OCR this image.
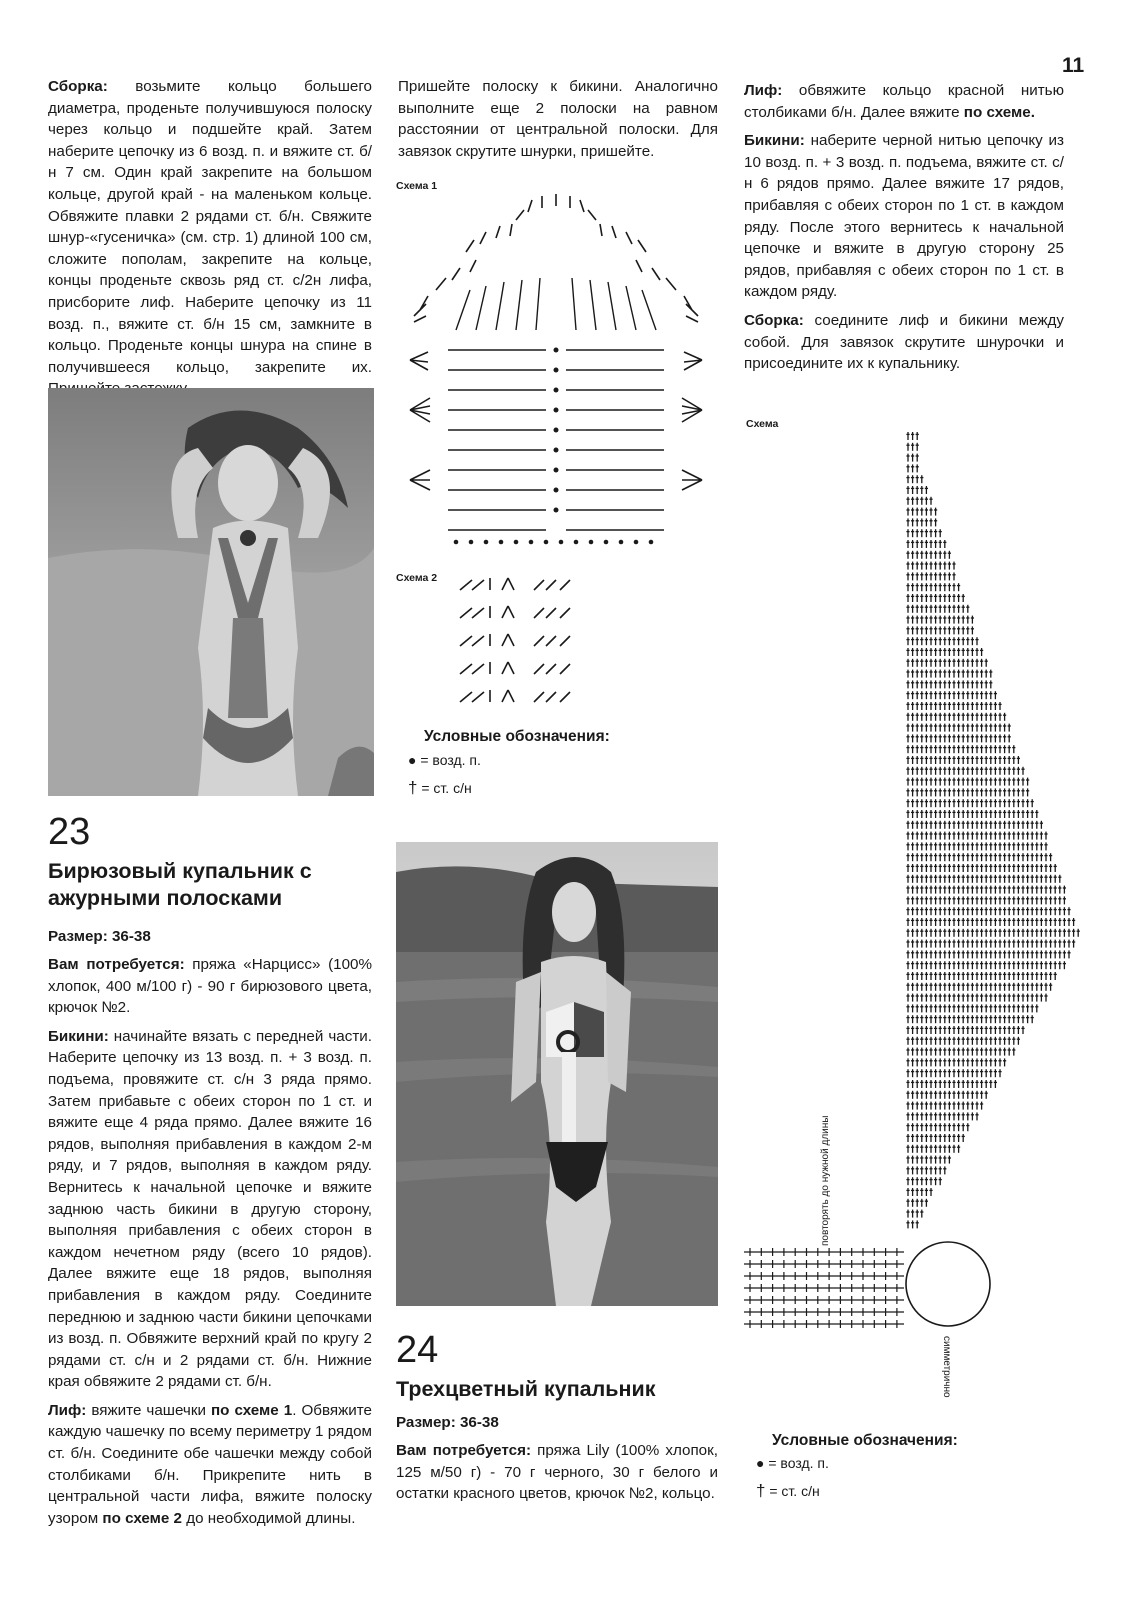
11

Сборка: возьмите кольцо большего диаметра, проденьте получившуюся полоску через кольцо и подшейте край. Затем наберите цепочку из 6 возд. п. и вяжите ст. б/н 7 см. Один край закрепите на большом кольце, другой край - на маленьком кольце. Обвяжите плавки 2 рядами ст. б/н. Свяжите шнур-«гусеничка» (см. стр. 1) длиной 100 см, сложите пополам, закрепите на кольце, концы проденьте сквозь ряд ст. с/2н лифа, присборите лиф. Наберите цепочку из 11 возд. п., вяжите ст. б/н 15 см, замкните в кольцо. Проденьте концы шнура на спине в получившееся кольцо, закрепите их.

23
Бирюзовый купальник с ажурными полосками
Размер: 36-38

Вам потребуется: пряжа «Нарцисс» (100% хлопок, 400 м/100 г) - 90 г бирюзового цвета, крючок №2.

Бикини: начинайте вязать с передней части. Наберите цепочку из 13 возд. п. + 3 возд. п. подъема, провяжите ст. с/н 3 ряда прямо. Затем прибавьте с обеих сторон по 1 ст. и вяжите еще 4 ряда прямо. Далее вяжите 16 рядов, выполняя прибавления в каждом 2-м ряду, и 7 рядов, выполняя в каждом ряду. Вернитесь к начальной цепочке и вяжите заднюю часть бикини в другую сторону, выполняя прибавления с обеих сторон в каждом нечетном ряду (всего 10 рядов). Далее вяжите еще 18 рядов, выполняя прибавления в каждом ряду. Соедините переднюю и заднюю части бикини цепочками из возд. п. Обвяжите верхний край по кругу 2 рядами ст. с/н и 2 рядами ст. б/н. Нижние края обвяжите 2 рядами ст. б/н.

Лиф: вяжите чашечки по схеме 1. Обвяжите каждую чашечку по всему периметру 1 рядом ст. б/н. Соедините обе чашечки между собой столбиками б/н. Прикрепите нить в центральной части лифа, вяжите полоску узором по схеме 2 до необходимой длины.

Пришейте полоску к бикини. Аналогично выполните еще 2 полоски на равном расстоянии от центральной полоски. Для завязок скрутите шнурки, пришейте.

Схема 1
Схема 2
Условные обозначения:
● = возд. п.
† = ст. с/н
24
Трехцветный купальник
Размер: 36-38

Вам потребуется: пряжа Lily (100% хлопок, 125 м/50 г) - 70 г черного, 30 г белого и остатки красного цветов, крючок №2, кольцо.

Лиф: обвяжите кольцо красной нитью столбиками б/н. Далее вяжите по схеме.

Бикини: наберите черной нитью цепочку из 10 возд. п. + 3 возд. п. подъема, вяжите ст. с/н 6 рядов прямо. Далее вяжите 17 рядов, прибавляя с обеих сторон по 1 ст. в каждом ряду. После этого вернитесь к начальной цепочке и вяжите в другую сторону 25 рядов, прибавляя с обеих сторон по 1 ст. в каждом ряду.

Сборка: соедините лиф и бикини между собой. Для завязок скрутите шнурочки и присоедините их к купальнику.

Схема
повторять до нужной длины
симметрично
Условные обозначения:
● = возд. п.
† = ст. с/н
